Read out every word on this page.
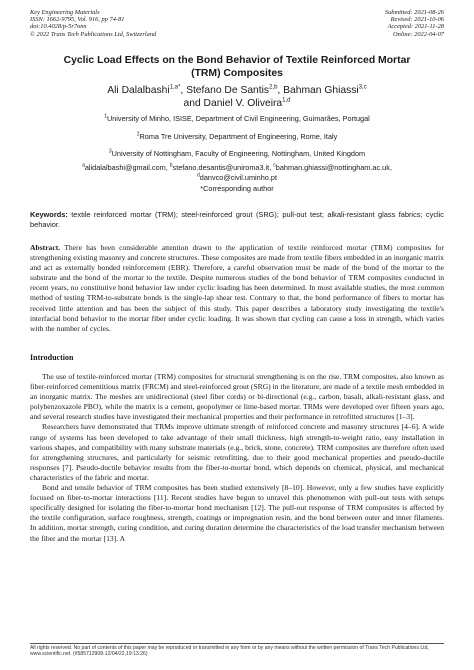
Key Engineering Materials
ISSN: 1662-9795, Vol. 916, pp 74-81
doi:10.4028/p-5r7onn
© 2022 Trans Tech Publications Ltd, Switzerland
Submitted: 2021-08-26
Revised: 2021-10-06
Accepted: 2021-11-28
Online: 2022-04-07
Cyclic Load Effects on the Bond Behavior of Textile Reinforced Mortar
(TRM) Composites
Ali Dalalbashi$^{1,a*}$, Stefano De Santis$^{2,b}$, Bahman Ghiassi$^{3,c}$
and Daniel V. Oliveira$^{1,d}$
$^1$University of Minho, ISISE, Department of Civil Engineering, Guimarães, Portugal
$^2$Roma Tre University, Department of Engineering, Rome, Italy
$^3$University of Nottingham, Faculty of Engineering, Nottingham, United Kingdom
$^a$alidalalbashi@gmail.com, $^b$stefano.desantis@uniroma3.it, $^c$bahman.ghiassi@nottingham.ac.uk,
$^d$danvco@civil.uminho.pt
*Corresponding author
Keywords: textile reinforced mortar (TRM); steel-reinforced grout (SRG); pull-out test; alkali-resistant glass fabrics; cyclic behavior.
Abstract. There has been considerable attention drawn to the application of textile reinforced mortar (TRM) composites for strengthening existing masonry and concrete structures. These composites are made from textile fibers embedded in an inorganic matrix and act as externally bonded reinforcement (EBR). Therefore, a careful observation must be made of the bond of the mortar to the substrate and the bond of the mortar to the textile. Despite numerous studies of the bond behavior of TRM composites conducted in recent years, no constitutive bond behavior law under cyclic loading has been determined. In most available studies, the most common method of testing TRM-to-substrate bonds is the single-lap shear test. Contrary to that, the bond performance of fibers to mortar has received little attention and has been the subject of this study. This paper describes a laboratory study investigating the textile's interfacial bond behavior to the mortar fiber under cyclic loading. It was shown that cycling can cause a loss in strength, which varies with the number of cycles.
Introduction

The use of textile-reinforced mortar (TRM) composites for structural strengthening is on the rise. TRM composites, also known as fiber-reinforced cementitious matrix (FRCM) and steel-reinforced grout (SRG) in the literature, are made of a textile mesh embedded in an inorganic matrix. The meshes are unidirectional (steel fiber cords) or bi-directional (e.g., carbon, basalt, alkali-resistant glass, and polybenzoxazole PBO), while the matrix is a cement, geopolymer or lime-based mortar. TRMs were developed over fifteen years ago, and several research studies have investigated their mechanical properties and their performance in retrofitted structures [1–3].

Researchers have demonstrated that TRMs improve ultimate strength of reinforced concrete and masonry structures [4–6]. A wide range of systems has been developed to take advantage of their small thickness, high strength-to-weight ratio, easy installation in various shapes, and compatibility with many substrate materials (e.g., brick, stone, concrete). TRM composites are therefore often used for strengthening structures, and particularly for seismic retrofitting, due to their good mechanical properties and pseudo-ductile responses [7]. Pseudo-ductile behavior results from the fiber-to-mortar bond, which depends on chemical, physical, and mechanical characteristics of the fabric and mortar.

Bond and tensile behavior of TRM composites has been studied extensively [8–10]. However, only a few studies have explicitly focused on fiber-to-mortar interactions [11]. Recent studies have begun to unravel this phenomenon with pull-out tests with setups specifically designed for isolating the fiber-to-mortar bond mechanism [12]. The pull-out response of TRM composites is affected by the textile configuration, surface roughness, strength, coatings or impregnation resin, and the bond between outer and inner filaments. In addition, mortar strength, curing condition, and curing duration determine the characteristics of the load transfer mechanism between the fiber and the mortar [13]. A

All rights reserved. No part of contents of this paper may be reproduced or transmitted in any form or by any means without the written permission of Trans Tech Publications Ltd, www.scientific.net. (#585712908-12/04/22,19:13:26)
